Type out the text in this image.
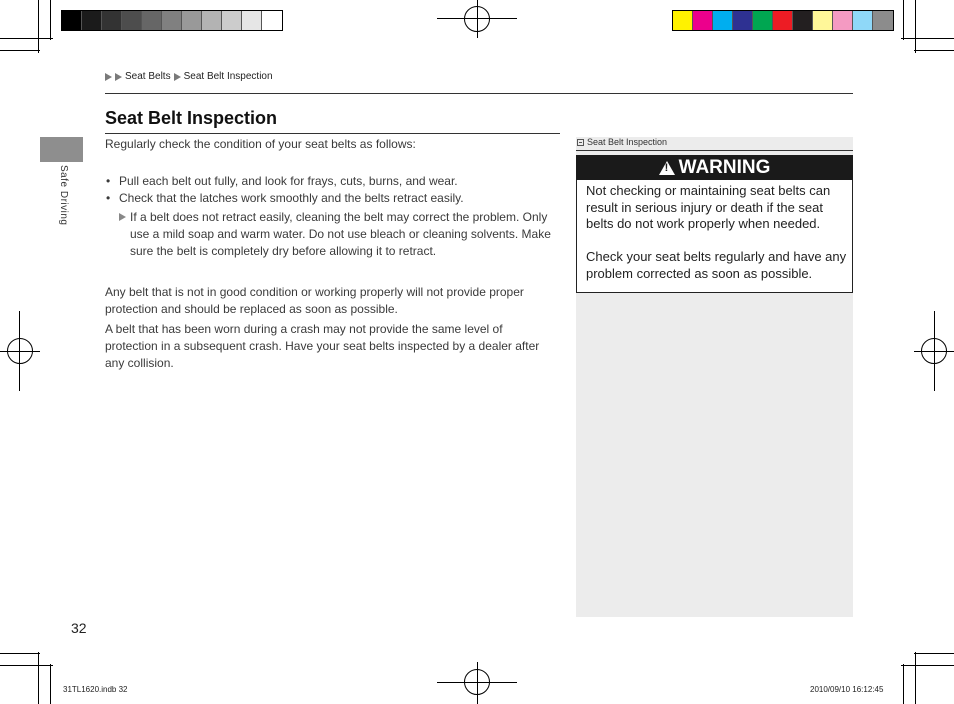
Seat Belts Seat Belt Inspection
Safe Driving
Seat Belt Inspection
Regularly check the condition of your seat belts as follows:
• Pull each belt out fully, and look for frays, cuts, burns, and wear.
• Check that the latches work smoothly and the belts retract easily.
If a belt does not retract easily, cleaning the belt may correct the problem. Only use a mild soap and warm water. Do not use bleach or cleaning solvents. Make sure the belt is completely dry before allowing it to retract.
Any belt that is not in good condition or working properly will not provide proper protection and should be replaced as soon as possible.
A belt that has been worn during a crash may not provide the same level of protection in a subsequent crash. Have your seat belts inspected by a dealer after any collision.
Seat Belt Inspection
!
WARNING
Not checking or maintaining seat belts can result in serious injury or death if the seat belts do not work properly when needed.
Check your seat belts regularly and have any problem corrected as soon as possible.
32
31TL1620.indb 32	2010/09/10 16:12:45
